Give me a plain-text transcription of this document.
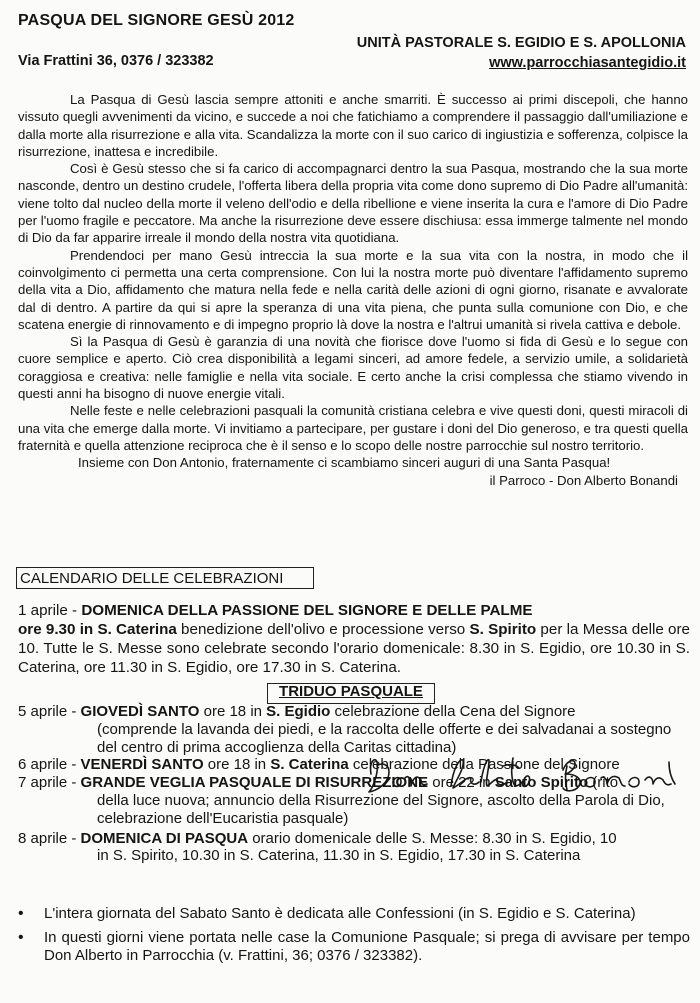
PASQUA DEL SIGNORE GESÙ 2012
UNITÀ PASTORALE S. EGIDIO E S. APOLLONIA
Via Frattini 36, 0376 / 323382	www.parrocchiasantegidio.it

La Pasqua di Gesù lascia sempre attoniti e anche smarriti. È successo ai primi discepoli, che hanno vissuto quegli avvenimenti da vicino, e succede a noi che fatichiamo a comprendere il passaggio dall'umiliazione e dalla morte alla risurrezione e alla vita. Scandalizza la morte con il suo carico di ingiustizia e sofferenza, colpisce la risurrezione, inattesa e incredibile.

Così è Gesù stesso che si fa carico di accompagnarci dentro la sua Pasqua, mostrando che la sua morte nasconde, dentro un destino crudele, l'offerta libera della propria vita come dono supremo di Dio Padre all'umanità: viene tolto dal nucleo della morte il veleno dell'odio e della ribellione e viene inserita la cura e l'amore di Dio Padre per l'uomo fragile e peccatore. Ma anche la risurrezione deve essere dischiusa: essa immerge talmente nel mondo di Dio da far apparire irreale il mondo della nostra vita quotidiana.

Prendendoci per mano Gesù intreccia la sua morte e la sua vita con la nostra, in modo che il coinvolgimento ci permetta una certa comprensione. Con lui la nostra morte può diventare l'affidamento supremo della vita a Dio, affidamento che matura nella fede e nella carità delle azioni di ogni giorno, risanate e avvalorate dal di dentro. A partire da qui si apre la speranza di una vita piena, che punta sulla comunione con Dio, e che scatena energie di rinnovamento e di impegno proprio là dove la nostra e l'altrui umanità si rivela cattiva e debole.

Sì la Pasqua di Gesù è garanzia di una novità che fiorisce dove l'uomo si fida di Gesù e lo segue con cuore semplice e aperto. Ciò crea disponibilità a legami sinceri, ad amore fedele, a servizio umile, a solidarietà coraggiosa e creativa: nelle famiglie e nella vita sociale. E certo anche la crisi complessa che stiamo vivendo in questi anni ha bisogno di nuove energie vitali.

Nelle feste e nelle celebrazioni pasquali la comunità cristiana celebra e vive questi doni, questi miracoli di una vita che emerge dalla morte. Vi invitiamo a partecipare, per gustare i doni del Dio generoso, e tra questi quella fraternità e quella attenzione reciproca che è il senso e lo scopo delle nostre parrocchie sul nostro territorio.

Insieme con Don Antonio, fraternamente ci scambiamo sinceri auguri di una Santa Pasqua!
il Parroco - Don Alberto Bonandi
CALENDARIO DELLE CELEBRAZIONI
1 aprile - DOMENICA DELLA PASSIONE DEL SIGNORE E DELLE PALME
ore 9.30 in S. Caterina benedizione dell'olivo e processione verso S. Spirito per la Messa delle ore 10. Tutte le S. Messe sono celebrate secondo l'orario domenicale: 8.30 in S. Egidio, ore 10.30 in S. Caterina, ore 11.30 in S. Egidio, ore 17.30 in S. Caterina.
TRIDUO PASQUALE
5 aprile - GIOVEDÌ SANTO ore 18 in S. Egidio celebrazione della Cena del Signore
(comprende la lavanda dei piedi, e la raccolta delle offerte e dei salvadanai a sostegno del centro di prima accoglienza della Caritas cittadina)
6 aprile - VENERDÌ SANTO ore 18 in S. Caterina celebrazione della Passione del Signore
7 aprile - GRANDE VEGLIA PASQUALE DI RISURREZIONE ore 22 in Santo Spirito (rito
della luce nuova; annuncio della Risurrezione del Signore, ascolto della Parola di Dio, celebrazione dell'Eucaristia pasquale)
8 aprile - DOMENICA DI PASQUA orario domenicale delle S. Messe: 8.30 in S. Egidio, 10
in S. Spirito, 10.30 in S. Caterina, 11.30 in S. Egidio, 17.30 in S. Caterina
•	L'intera giornata del Sabato Santo è dedicata alle Confessioni (in S. Egidio e S. Caterina)
•	In questi giorni viene portata nelle case la Comunione Pasquale; si prega di avvisare per tempo Don Alberto in Parrocchia (v. Frattini, 36; 0376 / 323382).
